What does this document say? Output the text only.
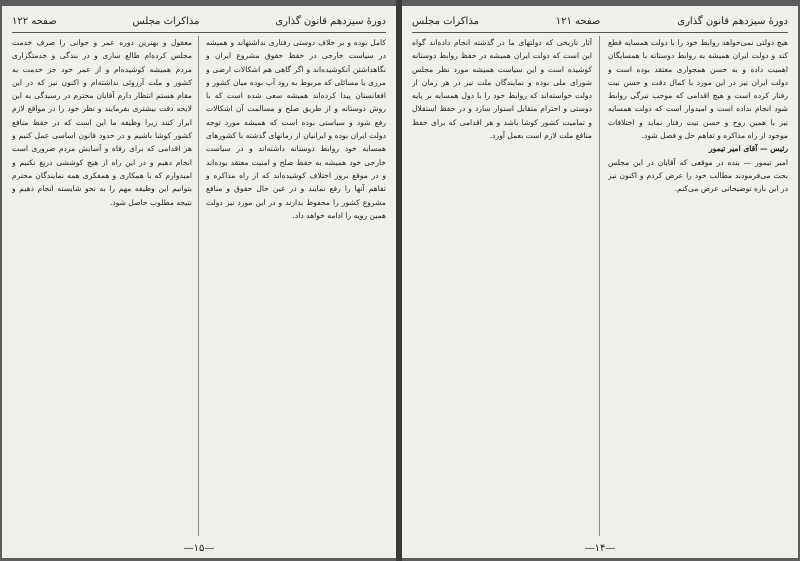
دورهٔ سیزدهم قانون گذاری
مذاکرات مجلس
صفحه ۱۲۲

کامل بوده و بر خلاف دوستی رفتاری نداشتهاند و همیشه در سیاست خارجی در حفظ حقوق مشروع ایران و نگاهداشتن آنکوشیده‌اند و اگر گاهی هم اشکالات ارضی و مرزی یا مسائلی که مربوط به رود آب بوده میان کشور و افغانستان پیدا کرده‌اند همیشه سعی شده است که با روش دوستانه و از طریق صلح و مسالمت آن اشکالات رفع شود و سیاستی بوده است که همیشه مورد توجه دولت ایران بوده و ایرانیان از زمانهای گذشته با کشورهای همسایه خود روابط دوستانه داشته‌اند و در سیاست خارجی خود همیشه به حفظ صلح و امنیت معتقد بوده‌اند و در موقع بروز اختلاف کوشیده‌اند که از راه مذاکره و تفاهم آنها را رفع نمایند و در عین حال حقوق و منافع مشروع کشور را محفوظ بدارند و در این مورد نیز دولت همین رویه را ادامه خواهد داد.

معقول و بهترین دوره عمر و جوانی را صرف خدمت مجلس کرده‌ام طالع سازی و در بندگی و خدمتگزاری مردم همیشه کوشیده‌ام و از عمر خود جز خدمت به کشور و ملت آرزوئی نداشته‌ام و اکنون نیز که در این مقام هستم انتظار دارم آقایان محترم در رسیدگی به این لایحه دقت بیشتری بفرمایند و نظر خود را در مواقع لازم ابراز کنند زیرا وظیفه ما این است که در حفظ منافع کشور کوشا باشیم و در حدود قانون اساسی عمل کنیم و هر اقدامی که برای رفاه و آسایش مردم ضروری است انجام دهیم و در این راه از هیچ کوششی دریغ نکنیم و امیدوارم که با همکاری و همفکری همه نمایندگان محترم بتوانیم این وظیفه مهم را به نحو شایسته انجام دهیم و نتیجه مطلوب حاصل شود.

—۱۵—
دورهٔ سیزدهم قانون گذاری
صفحه ۱۲۱
مذاکرات مجلس

هیچ دولتی نمی‌خواهد روابط خود را با دولت همسایه قطع کند و دولت ایران همیشه به روابط دوستانه با همسایگان اهمیت داده و به حسن همجواری معتقد بوده است و دولت ایران نیز در این مورد با کمال دقت و حسن نیت رفتار کرده است و هیچ اقدامی که موجب تیرگی روابط شود انجام نداده است و امیدوار است که دولت همسایه نیز با همین روح و حسن نیت رفتار نماید و اختلافات موجود از راه مذاکره و تفاهم حل و فصل شود.

رئیس — آقای امیر تیمور

امیر تیمور — بنده در موقعی که آقایان در این مجلس بحث می‌فرمودند مطالب خود را عرض کردم و اکنون نیز در این باره توضیحاتی عرض می‌کنم.

آثار تاریخی که دولتهای ما در گذشته انجام داده‌اند گواه این است که دولت ایران همیشه در حفظ روابط دوستانه کوشیده است و این سیاست همیشه مورد نظر مجلس شورای ملی بوده و نمایندگان ملت نیز در هر زمان از دولت خواسته‌اند که روابط خود را با دول همسایه بر پایه دوستی و احترام متقابل استوار سازد و در حفظ استقلال و تمامیت کشور کوشا باشد و هر اقدامی که برای حفظ منافع ملت لازم است بعمل آورد.

—۱۴—
